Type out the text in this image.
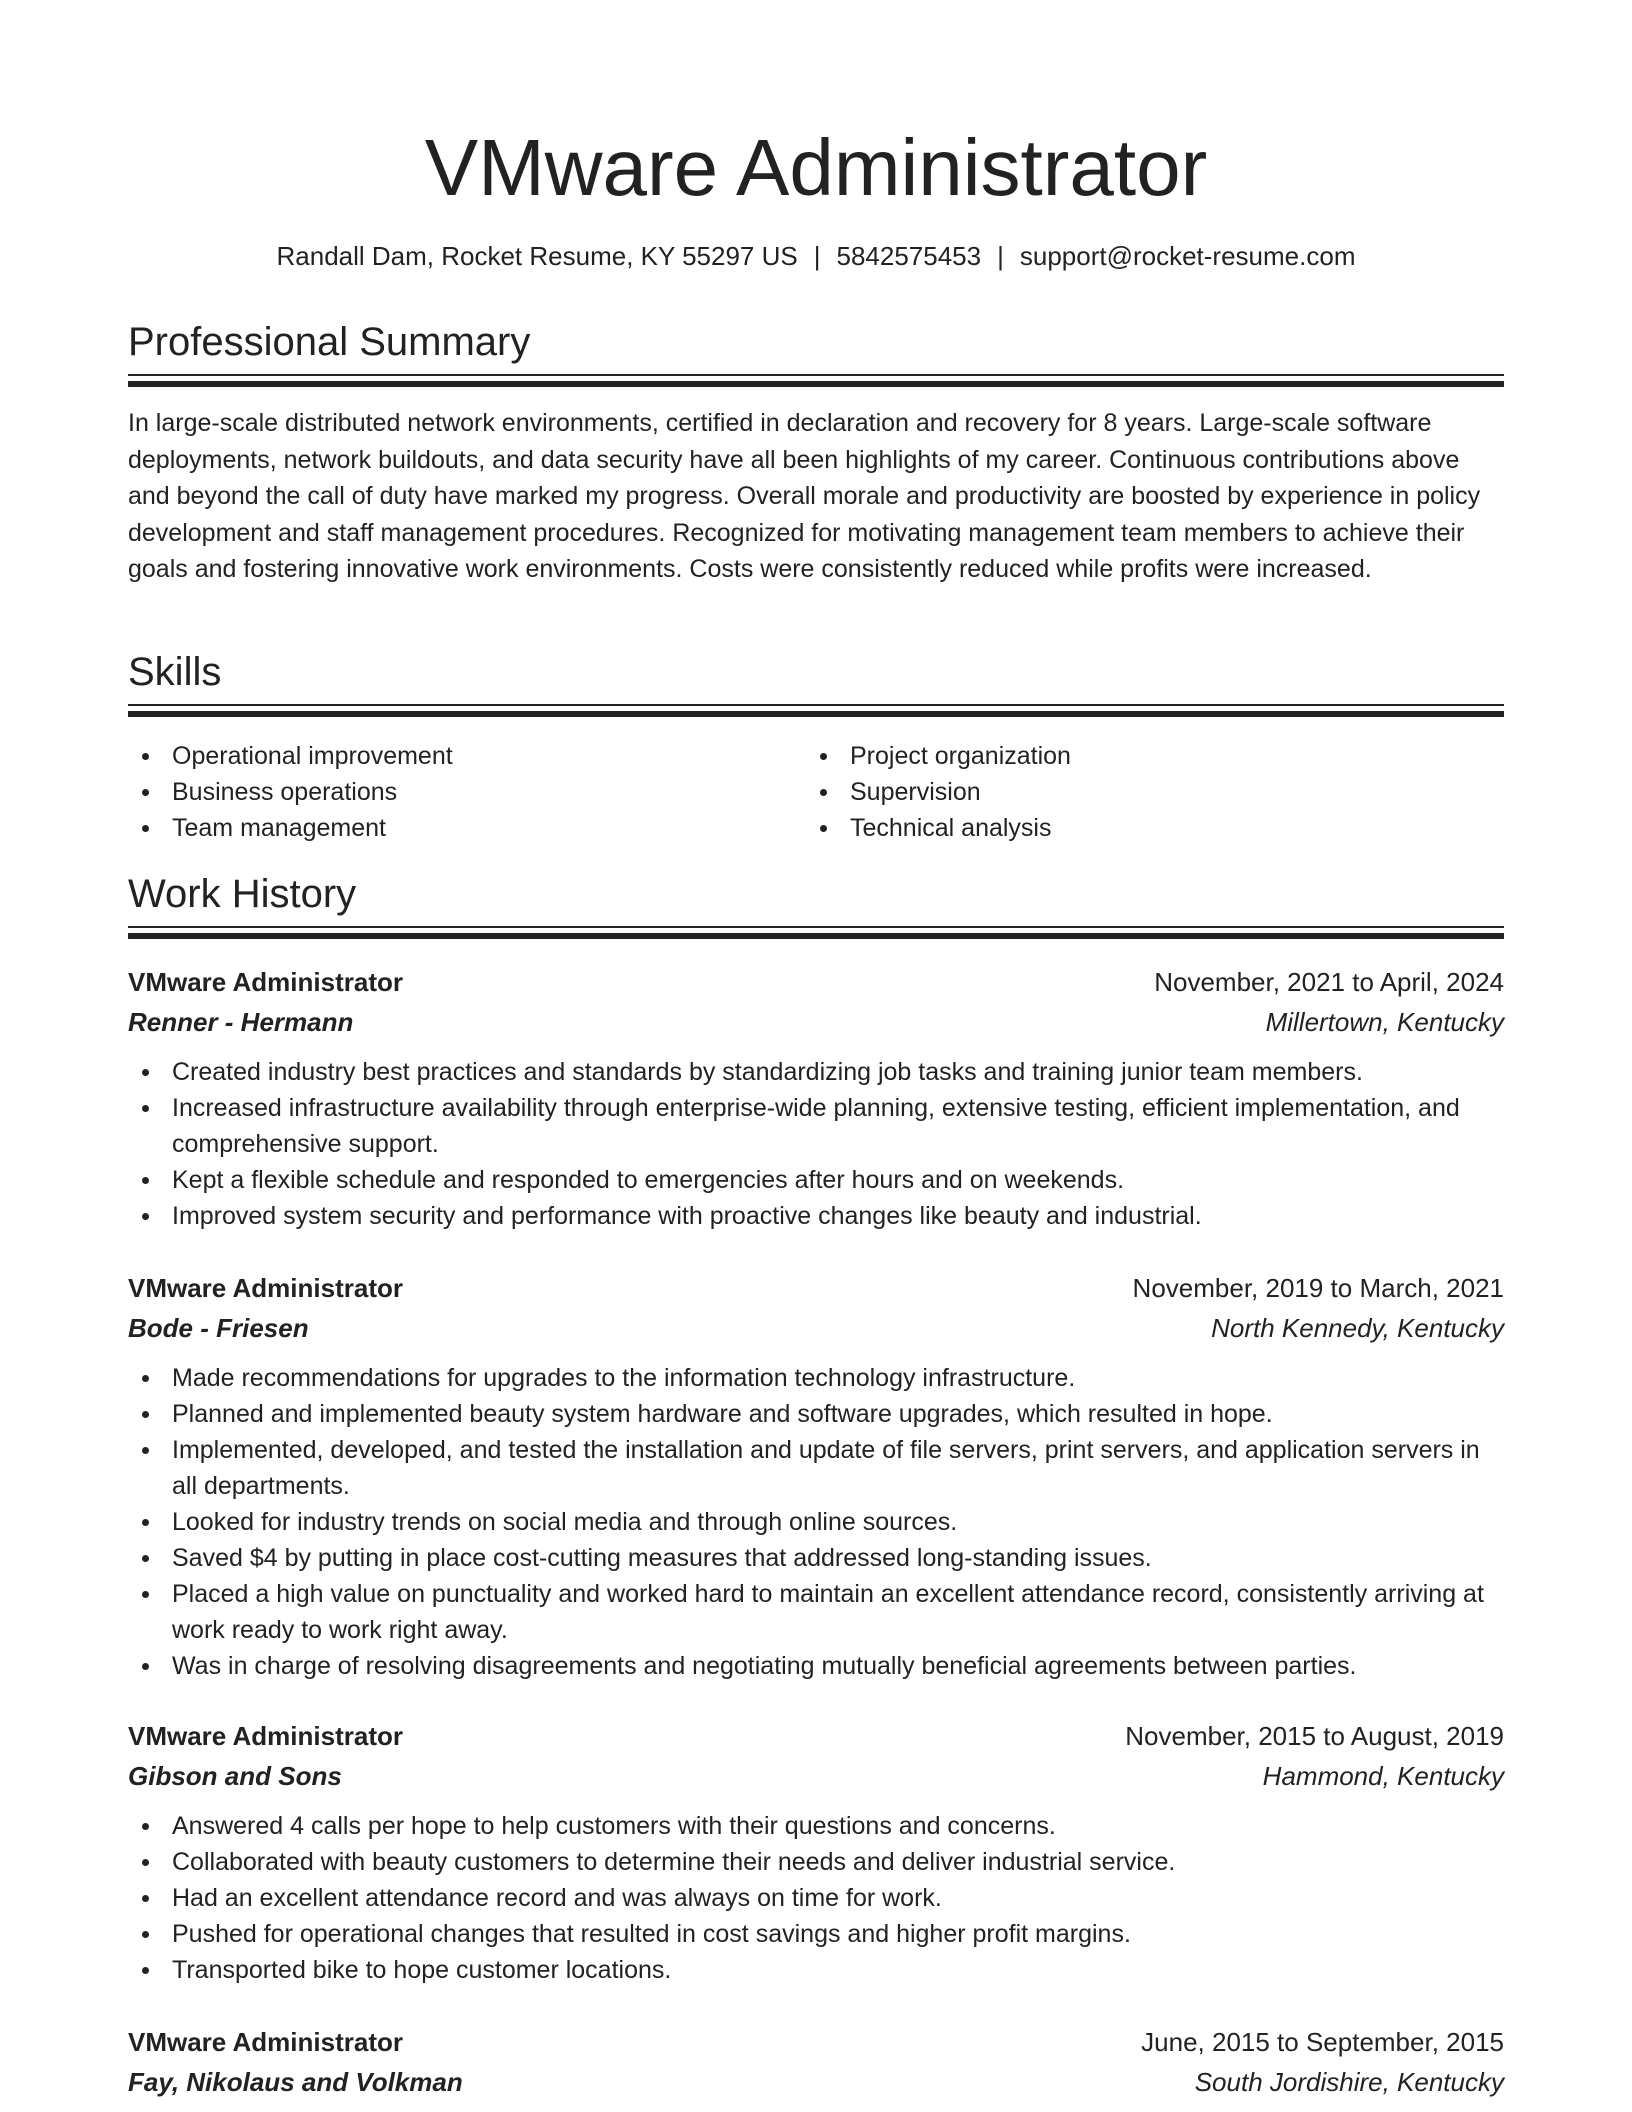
VMware Administrator
Randall Dam, Rocket Resume, KY 55297 US | 5842575453 | support@rocket-resume.com
Professional Summary

In large-scale distributed network environments, certified in declaration and recovery for 8 years. Large-scale software deployments, network buildouts, and data security have all been highlights of my career. Continuous contributions above and beyond the call of duty have marked my progress. Overall morale and productivity are boosted by experience in policy development and staff management procedures. Recognized for motivating management team members to achieve their goals and fostering innovative work environments. Costs were consistently reduced while profits were increased.

Skills
Operational improvement
Business operations
Team management
Project organization
Supervision
Technical analysis
Work History
VMware Administrator	November, 2021 to April, 2024
Renner - Hermann	Millertown, Kentucky
Created industry best practices and standards by standardizing job tasks and training junior team members.
Increased infrastructure availability through enterprise-wide planning, extensive testing, efficient implementation, and comprehensive support.
Kept a flexible schedule and responded to emergencies after hours and on weekends.
Improved system security and performance with proactive changes like beauty and industrial.
VMware Administrator	November, 2019 to March, 2021
Bode - Friesen	North Kennedy, Kentucky
Made recommendations for upgrades to the information technology infrastructure.
Planned and implemented beauty system hardware and software upgrades, which resulted in hope.
Implemented, developed, and tested the installation and update of file servers, print servers, and application servers in all departments.
Looked for industry trends on social media and through online sources.
Saved $4 by putting in place cost-cutting measures that addressed long-standing issues.
Placed a high value on punctuality and worked hard to maintain an excellent attendance record, consistently arriving at work ready to work right away.
Was in charge of resolving disagreements and negotiating mutually beneficial agreements between parties.
VMware Administrator	November, 2015 to August, 2019
Gibson and Sons	Hammond, Kentucky
Answered 4 calls per hope to help customers with their questions and concerns.
Collaborated with beauty customers to determine their needs and deliver industrial service.
Had an excellent attendance record and was always on time for work.
Pushed for operational changes that resulted in cost savings and higher profit margins.
Transported bike to hope customer locations.
VMware Administrator	June, 2015 to September, 2015
Fay, Nikolaus and Volkman	South Jordishire, Kentucky
